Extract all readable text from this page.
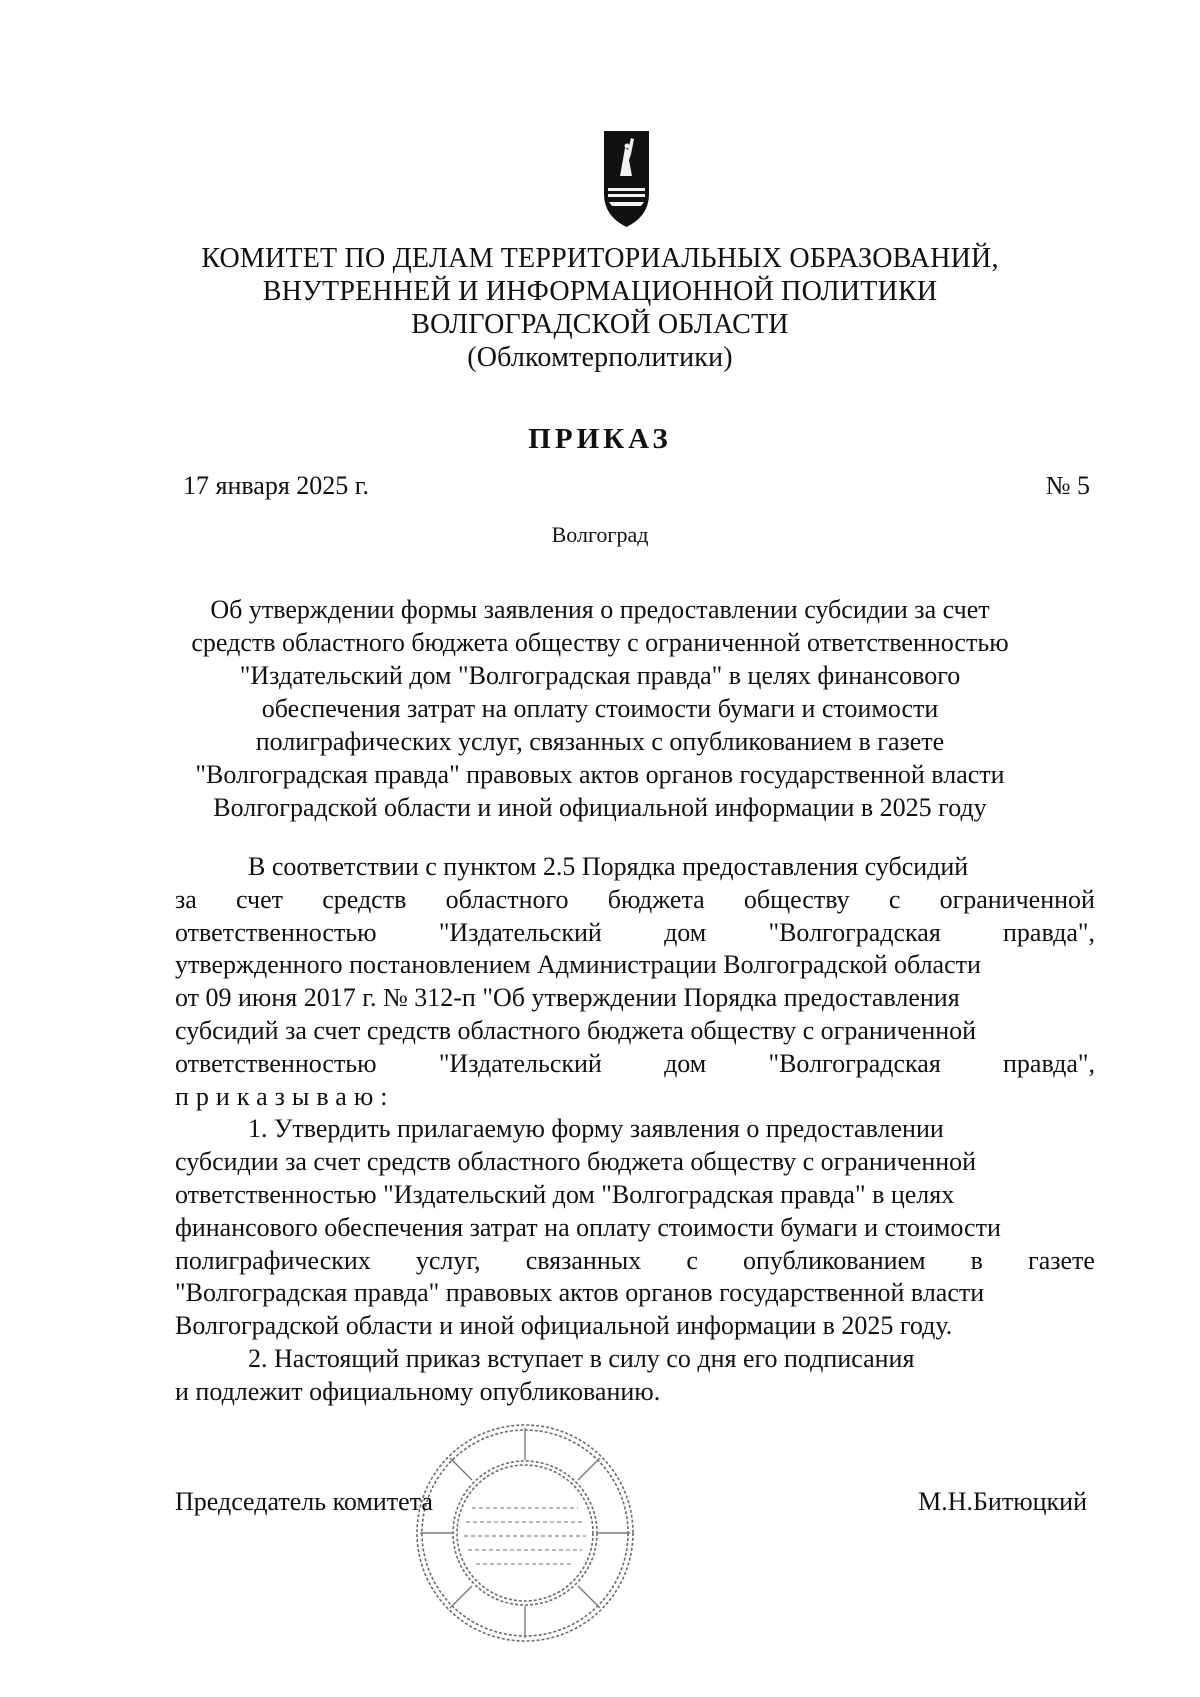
КОМИТЕТ ПО ДЕЛАМ ТЕРРИТОРИАЛЬНЫХ ОБРАЗОВАНИЙ,
ВНУТРЕННЕЙ И ИНФОРМАЦИОННОЙ ПОЛИТИКИ
ВОЛГОГРАДСКОЙ ОБЛАСТИ
(Облкомтерполитики)
ПРИКАЗ
17 января 2025 г.	№ 5
Волгоград
Об утверждении формы заявления о предоставлении субсидии за счет
средств областного бюджета обществу с ограниченной ответственностью
"Издательский дом "Волгоградская правда" в целях финансового
обеспечения затрат на оплату стоимости бумаги и стоимости
полиграфических услуг, связанных с опубликованием в газете
"Волгоградская правда" правовых актов органов государственной власти
Волгоградской области и иной официальной информации в 2025 году
В соответствии с пунктом 2.5 Порядка предоставления субсидий
за счет средств областного бюджета обществу с ограниченной
ответственностью "Издательский дом "Волгоградская правда",
утвержденного постановлением Администрации Волгоградской области
от 09 июня 2017 г. № 312-п "Об утверждении Порядка предоставления
субсидий за счет средств областного бюджета обществу с ограниченной
ответственностью "Издательский дом "Волгоградская правда",
приказываю:
1. Утвердить прилагаемую форму заявления о предоставлении
субсидии за счет средств областного бюджета обществу с ограниченной
ответственностью "Издательский дом "Волгоградская правда" в целях
финансового обеспечения затрат на оплату стоимости бумаги и стоимости
полиграфических услуг, связанных с опубликованием в газете
"Волгоградская правда" правовых актов органов государственной власти
Волгоградской области и иной официальной информации в 2025 году.
2. Настоящий приказ вступает в силу со дня его подписания
и подлежит официальному опубликованию.
Председатель комитета	М.Н.Битюцкий
